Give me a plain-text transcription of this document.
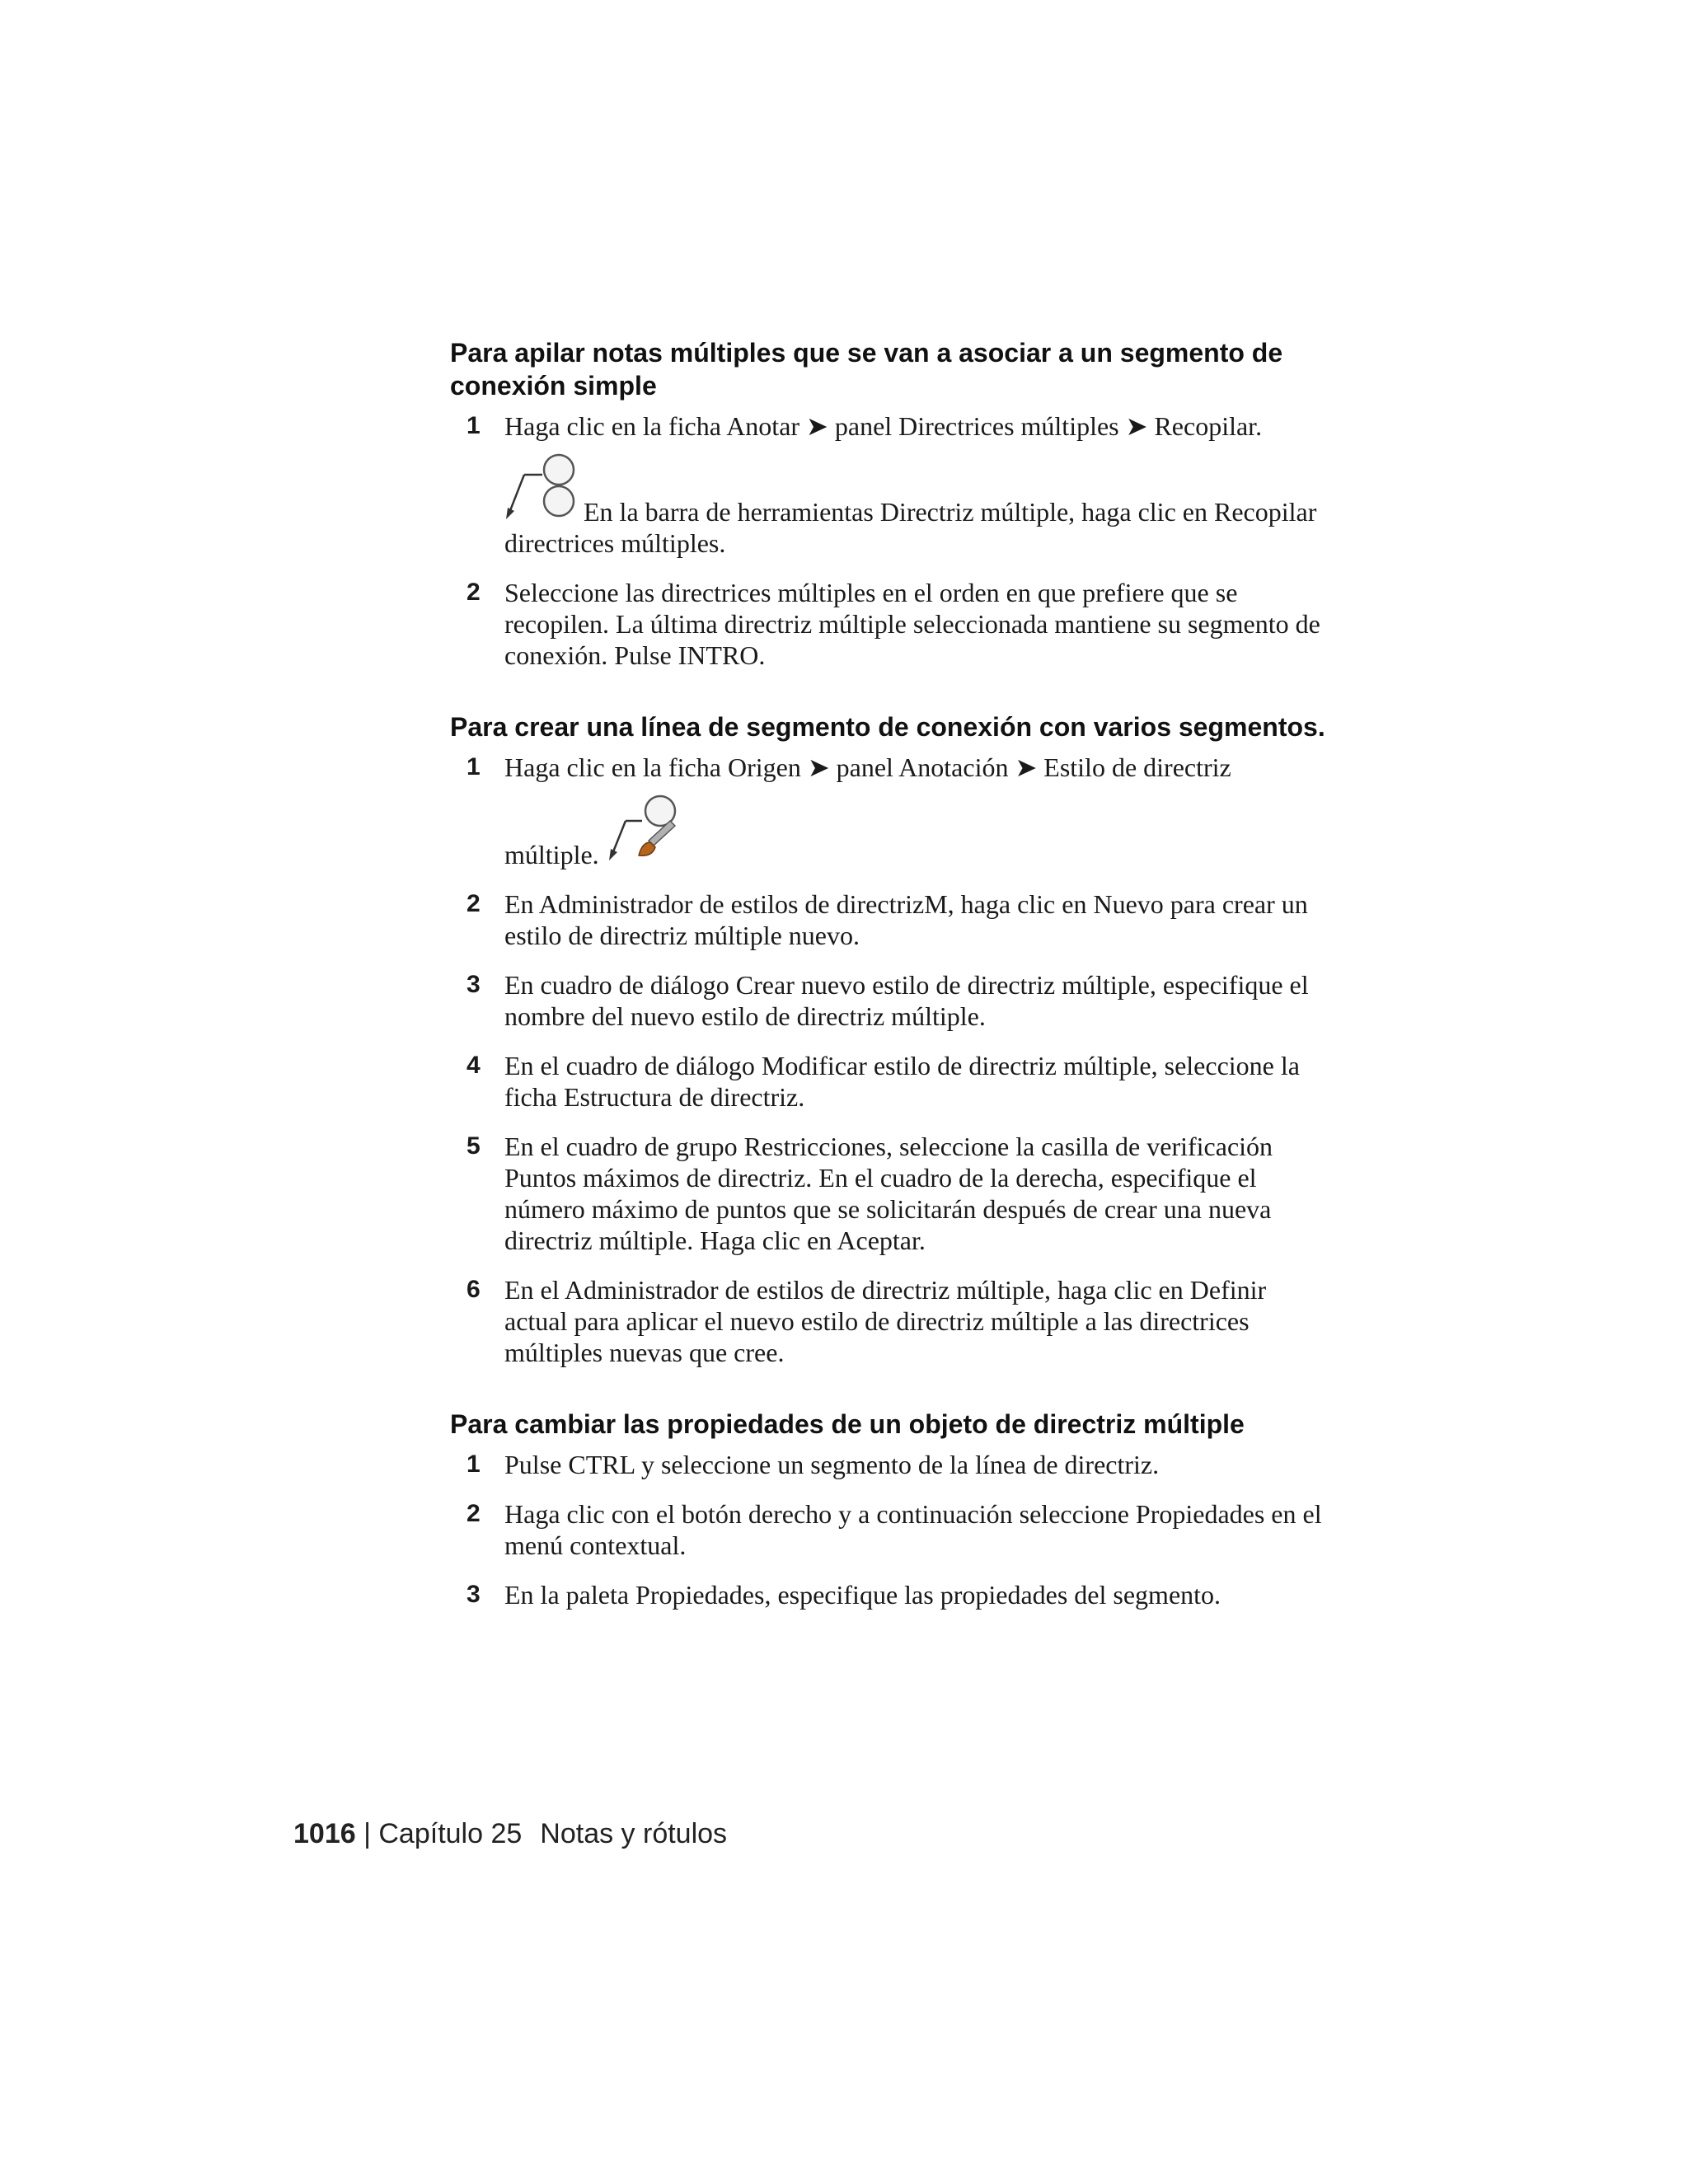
Para apilar notas múltiples que se van a asociar a un segmento de conexión simple
1 Haga clic en la ficha Anotar ➤ panel Directrices múltiples ➤ Recopilar.
En la barra de herramientas Directriz múltiple, haga clic en Recopilar directrices múltiples.
2 Seleccione las directrices múltiples en el orden en que prefiere que se recopilen. La última directriz múltiple seleccionada mantiene su segmento de conexión. Pulse INTRO.
Para crear una línea de segmento de conexión con varios segmentos.
1 Haga clic en la ficha Origen ➤ panel Anotación ➤ Estilo de directriz
múltiple.
2 En Administrador de estilos de directrizM, haga clic en Nuevo para crear un estilo de directriz múltiple nuevo.
3 En cuadro de diálogo Crear nuevo estilo de directriz múltiple, especifique el nombre del nuevo estilo de directriz múltiple.
4 En el cuadro de diálogo Modificar estilo de directriz múltiple, seleccione la ficha Estructura de directriz.
5 En el cuadro de grupo Restricciones, seleccione la casilla de verificación Puntos máximos de directriz. En el cuadro de la derecha, especifique el número máximo de puntos que se solicitarán después de crear una nueva directriz múltiple. Haga clic en Aceptar.
6 En el Administrador de estilos de directriz múltiple, haga clic en Definir actual para aplicar el nuevo estilo de directriz múltiple a las directrices múltiples nuevas que cree.
Para cambiar las propiedades de un objeto de directriz múltiple
1 Pulse CTRL y seleccione un segmento de la línea de directriz.
2 Haga clic con el botón derecho y a continuación seleccione Propiedades en el menú contextual.
3 En la paleta Propiedades, especifique las propiedades del segmento.
1016 | Capítulo 25 Notas y rótulos
